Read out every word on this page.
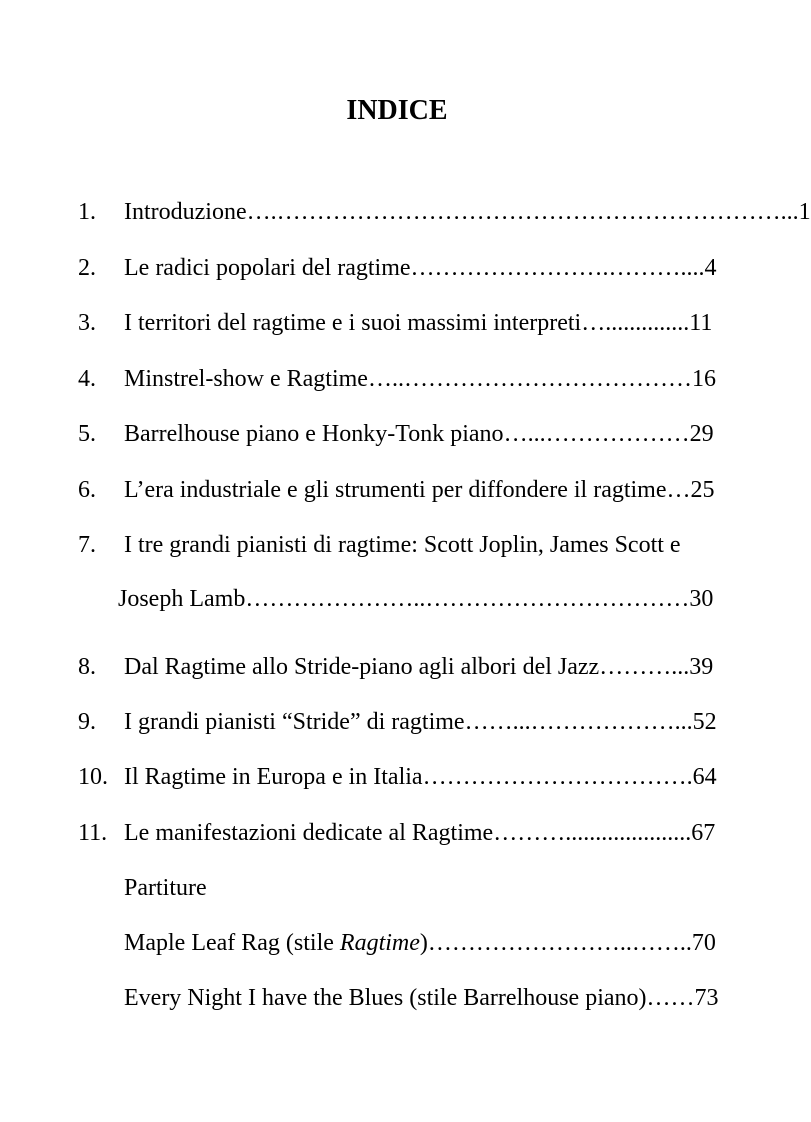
INDICE
1. Introduzione….………………………………………………………...1
2. Le radici popolari del ragtime…………………….………....4
3. I territori del ragtime e i suoi massimi interpreti…..............11
4. Minstrel-show e Ragtime…..………………………………16
5. Barrelhouse piano e Honky-Tonk piano…...………………29
6. L’era industriale e gli strumenti per diffondere il ragtime…25
7. I tre grandi pianisti di ragtime: Scott Joplin, James Scott e
Joseph Lamb…………………..……………………………30
8. Dal Ragtime allo Stride-piano agli albori del Jazz………...39
9. I grandi pianisti “Stride” di ragtime……...………………...52
10. Il Ragtime in Europa e in Italia…………………………….64
11. Le manifestazioni dedicate al Ragtime……….....................67
Partiture
Maple Leaf Rag (stile Ragtime)……………………..……..70
Every Night I have the Blues (stile Barrelhouse piano)……73
